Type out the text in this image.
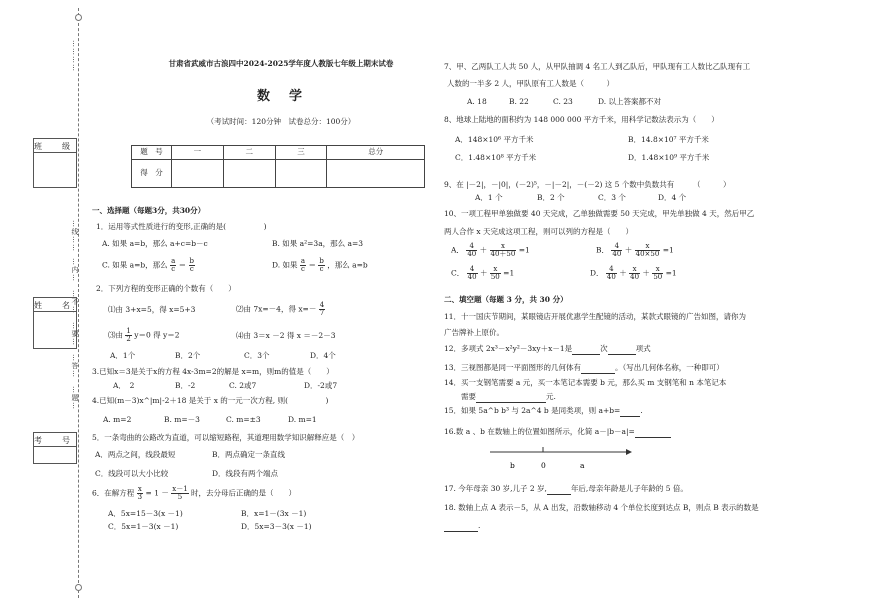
…………
…线……
…内…
…不…
…要…
…答…
…题…
班　级
姓　名
考　号
甘肃省武威市古浪四中2024-2025学年度人教版七年级上期末试卷
数　学
（考试时间：120分钟　试卷总分：100分）
题　号	一	二	三	总分
得　分				
一、选择题（每题3分，共30分）
1．运用等式性质进行的变形,正确的是(　　　　　)
A. 如果 a=b，那么 a+c=b－c	B. 如果 a²=3a，那么 a=3
C. 如果 a=b，那么 $\frac{a}{c} = \frac{b}{c}$	D. 如果 $\frac{a}{c} = \frac{b}{c}$ ，那么 a=b
2．下列方程的变形正确的个数有（　　）
⑴由 3+x=5，得 x=5+3	⑵由 7x=－4，得 $x=- \frac{4}{7}$
⑶由 $\frac{1}{2} y=0$ 得 y＝2	⑷由 3＝x －2 得 x ＝－2－3
A．1个	B．2个	C．3个	D．4个
3.已知x＝3是关于x的方程 4x-3m=2的解是 x=m，则m的值是（　　）
A．　2	B．-2	C. 2或7	D．-2或7
4.已知(m－3)x^|m|-2＋18 是关于 x 的一元一次方程, 则(　　　　　)
A. m=2	B. m=－3	C. m=±3	D. m=1
5．一条弯曲的公路改为直道，可以缩短路程，其道理用数学知识解释应是（　）
A．两点之间，线段最短	B．两点确定一条直线
C．线段可以大小比较	D．线段有两个端点
6．在解方程 $\frac{x}{3} = 1 - \frac{x-1}{5}$ 时，去分母后正确的是（　　）
A．5x=15－3(x －1)	B．x=1－(3x －1)
C．5x=1－3(x －1)	D．5x=3－3(x －1)
7、甲、乙两队工人共 50 人，从甲队抽调 4 名工人到乙队后，甲队现有工人数比乙队现有工
人数的一半多 2 人，甲队原有工人数是（　　　）
A. 18	B. 22	C. 23	D. 以上答案都不对
8、地球上陆地的面积约为 148 000 000 平方千米，用科学记数法表示为（　　）
A．148×10⁶ 平方千米	B．14.8×10⁷ 平方千米
C．1.48×10⁸ 平方千米	D．1.48×10⁹ 平方千米
9、在 |－2|，－|0|，(－2)⁵，－|－2|，－(－2) 这 5 个数中负数共有　　　（　　　）
A．1 个	B．2 个	C．3 个	D．4 个
10、一项工程甲单独做要 40 天完成，乙单独做需要 50 天完成，甲先单独做 4 天，然后甲乙
两人合作 x 天完成这项工程，则可以列的方程是（　　）
A． $\frac{4}{40} + \frac{x}{40+50} =1$	B． $\frac{4}{40} + \frac{x}{40\times 50} =1$
C． $\frac{4}{40} + \frac{x}{50} =1$	D． $\frac{4}{40} + \frac{x}{40} + \frac{x}{50} =1$
二、填空题（每题 3 分，共 30 分）
11．十一国庆节期间，某眼镜店开展优惠学生配镜的活动，某款式眼镜的广告如图，请你为
广告牌补上原价。
12．多项式 2x³－x²y²－3xy＋x－1是	次	项式
13．三视图都是同一平面图形的几何体有	。（写出几何体名称，一种即可）
14．买一支钢笔需要 a 元，买一本笔记本需要 b 元，那么买 m 支钢笔和 n 本笔记本
需要	元.
15．如果 5a^b b³ 与 2a^4 b 是同类项，则 a+b=	.
16.数 a 、b 在数轴上的位置如图所示，化简 a－|b－a|=
b	0	a
17. 今年母亲 30 岁,儿子 2 岁,	年后,母亲年龄是儿子年龄的 5 倍。
18. 数轴上点 A 表示－5，从 A 出发，沿数轴移动 4 个单位长度到达点 B，则点 B 表示的数是
.
